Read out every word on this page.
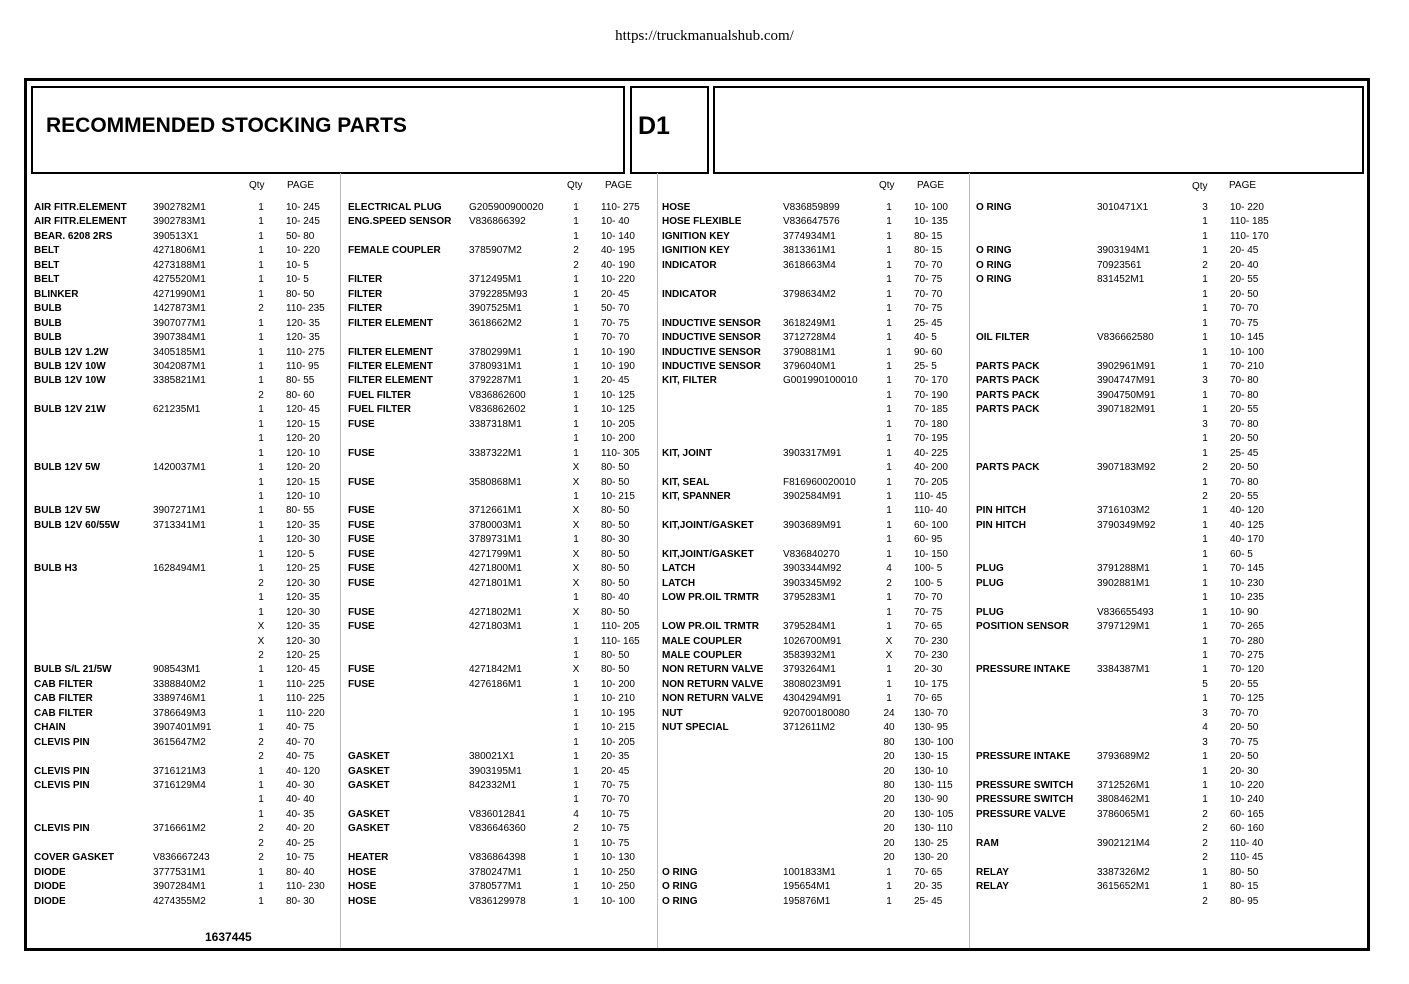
https://truckmanualshub.com/
RECOMMENDED STOCKING PARTS	D1
Qty PAGE	Qty PAGE	Qty PAGE	Qty PAGE
AIR FITR.ELEMENT	3902782M1	1	10- 245
AIR FITR.ELEMENT	3902783M1	1	10- 245
BEAR. 6208 2RS	390513X1	1	50- 80
BELT	4271806M1	1	10- 220
BELT	4273188M1	1	10- 5
BELT	4275520M1	1	10- 5
BLINKER	4271990M1	1	80- 50
BULB	1427873M1	2	110- 235
BULB	3907077M1	1	120- 35
BULB	3907384M1	1	120- 35
BULB 12V 1.2W	3405185M1	1	110- 275
BULB 12V 10W	3042087M1	1	110- 95
BULB 12V 10W	3385821M1	1	80- 55
2	80- 60
BULB 12V 21W	621235M1	1	120- 45
1	120- 15
1	120- 20
1	120- 10
BULB 12V 5W	1420037M1	1	120- 20
1	120- 15
1	120- 10
BULB 12V 5W	3907271M1	1	80- 55
BULB 12V 60/55W	3713341M1	1	120- 35
1	120- 30
1	120- 5
BULB H3	1628494M1	1	120- 25
2	120- 30
1	120- 35
1	120- 30
X	120- 35
X	120- 30
2	120- 25
BULB S/L 21/5W	908543M1	1	120- 45
CAB FILTER	3388840M2	1	110- 225
CAB FILTER	3389746M1	1	110- 225
CAB FILTER	3786649M3	1	110- 220
CHAIN	3907401M91	1	40- 75
CLEVIS PIN	3615647M2	2	40- 70
2	40- 75
CLEVIS PIN	3716121M3	1	40- 120
CLEVIS PIN	3716129M4	1	40- 30
1	40- 40
1	40- 35
CLEVIS PIN	3716661M2	2	40- 20
2	40- 25
COVER GASKET	V836667243	2	10- 75
DIODE	3777531M1	1	80- 40
DIODE	3907284M1	1	110- 230
DIODE	4274355M2	1	80- 30
ELECTRICAL PLUG	G205900900020	1	110- 275
ENG.SPEED SENSOR V836866392	1	10- 40
1	10- 140
FEMALE COUPLER	3785907M2	2	40- 195
2	40- 190
FILTER	3712495M1	1	10- 220
FILTER	3792285M93	1	20- 45
FILTER	3907525M1	1	50- 70
FILTER ELEMENT	3618662M2	1	70- 75
1	70- 70
FILTER ELEMENT	3780299M1	1	10- 190
FILTER ELEMENT	3780931M1	1	10- 190
FILTER ELEMENT	3792287M1	1	20- 45
FUEL FILTER	V836862600	1	10- 125
FUEL FILTER	V836862602	1	10- 125
FUSE	3387318M1	1	10- 205
1	10- 200
FUSE	3387322M1	1	110- 305
X	80- 50
FUSE	3580868M1	X	80- 50
1	10- 215
FUSE	3712661M1	X	80- 50
FUSE	3780003M1	X	80- 50
FUSE	3789731M1	1	80- 30
FUSE	4271799M1	X	80- 50
FUSE	4271800M1	X	80- 50
FUSE	4271801M1	X	80- 50
1	80- 40
FUSE	4271802M1	X	80- 50
FUSE	4271803M1	1	110- 205
1	110- 165
1	80- 50
FUSE	4271842M1	X	80- 50
FUSE	4276186M1	1	10- 200
1	10- 210
1	10- 195
1	10- 215
1	10- 205
GASKET	380021X1	1	20- 35
GASKET	3903195M1	1	20- 45
GASKET	842332M1	1	70- 75
1	70- 70
GASKET	V836012841	4	10- 75
GASKET	V836646360	2	10- 75
1	10- 75
HEATER	V836864398	1	10- 130
HOSE	3780247M1	1	10- 250
HOSE	3780577M1	1	10- 250
HOSE	V836129978	1	10- 100
HOSE	V836859899	1	10- 100
HOSE FLEXIBLE	V836647576	1	10- 135
IGNITION KEY	3774934M1	1	80- 15
IGNITION KEY	3813361M1	1	80- 15
INDICATOR	3618663M4	1	70- 70
1	70- 75
INDICATOR	3798634M2	1	70- 70
1	70- 75
INDUCTIVE SENSOR 3618249M1	1	25- 45
INDUCTIVE SENSOR 3712728M4	1	40- 5
INDUCTIVE SENSOR 3790881M1	1	90- 60
INDUCTIVE SENSOR 3796040M1	1	25- 5
KIT, FILTER	G001990100010	1	70- 170
1	70- 190
1	70- 185
1	70- 180
1	70- 195
KIT, JOINT	3903317M91	1	40- 225
1	40- 200
KIT, SEAL	F816960020010	1	70- 205
KIT, SPANNER	3902584M91	1	110- 45
1	110- 40
KIT,JOINT/GASKET	3903689M91	1	60- 100
1	60- 95
KIT,JOINT/GASKET	V836840270	1	10- 150
LATCH	3903344M92	4	100- 5
LATCH	3903345M92	2	100- 5
LOW PR.OIL TRMTR 3795283M1	1	70- 70
1	70- 75
LOW PR.OIL TRMTR 3795284M1	1	70- 65
MALE COUPLER	1026700M91	X	70- 230
MALE COUPLER	3583932M1	X	70- 230
NON RETURN VALVE 3793264M1	1	20- 30
NON RETURN VALVE 3808023M91	1	10- 175
NON RETURN VALVE 4304294M91	1	70- 65
NUT	920700180080	24 130- 70
NUT SPECIAL	3712611M2	40 130- 95
80 130- 100
20 130- 15
20 130- 10
80 130- 115
20 130- 90
20 130- 105
20 130- 110
20 130- 25
20 130- 20
O RING	1001833M1	1	70- 65
O RING	195654M1	1	20- 35
O RING	195876M1	1	25- 45
O RING	3010471X1	3	10- 220
1	110- 185
1	110- 170
O RING	3903194M1	1	20- 45
O RING	70923561	2	20- 40
O RING	831452M1	1	20- 55
1	20- 50
1	70- 70
1	70- 75
OIL FILTER	V836662580	1	10- 145
1	10- 100
PARTS PACK	3902961M91	1	70- 210
PARTS PACK	3904747M91	3	70- 80
PARTS PACK	3904750M91	1	70- 80
PARTS PACK	3907182M91	1	20- 55
3	70- 80
1	20- 50
1	25- 45
PARTS PACK	3907183M92	2	20- 50
1	70- 80
2	20- 55
PIN HITCH	3716103M2	1	40- 120
PIN HITCH	3790349M92	1	40- 125
1	40- 170
1	60- 5
PLUG	3791288M1	1	70- 145
PLUG	3902881M1	1	10- 230
1	10- 235
PLUG	V836655493	1	10- 90
POSITION SENSOR	3797129M1	1	70- 265
1	70- 280
1	70- 275
PRESSURE INTAKE	3384387M1	1	70- 120
5	20- 55
1	70- 125
3	70- 70
4	20- 50
3	70- 75
PRESSURE INTAKE	3793689M2	1	20- 50
1	20- 30
PRESSURE SWITCH 3712526M1	1	10- 220
PRESSURE SWITCH 3808462M1	1	10- 240
PRESSURE VALVE	3786065M1	2	60- 165
2	60- 160
RAM	3902121M4	2	110- 40
2	110- 45
RELAY	3387326M2	1	80- 50
RELAY	3615652M1	1	80- 15
2	80- 95
1637445
